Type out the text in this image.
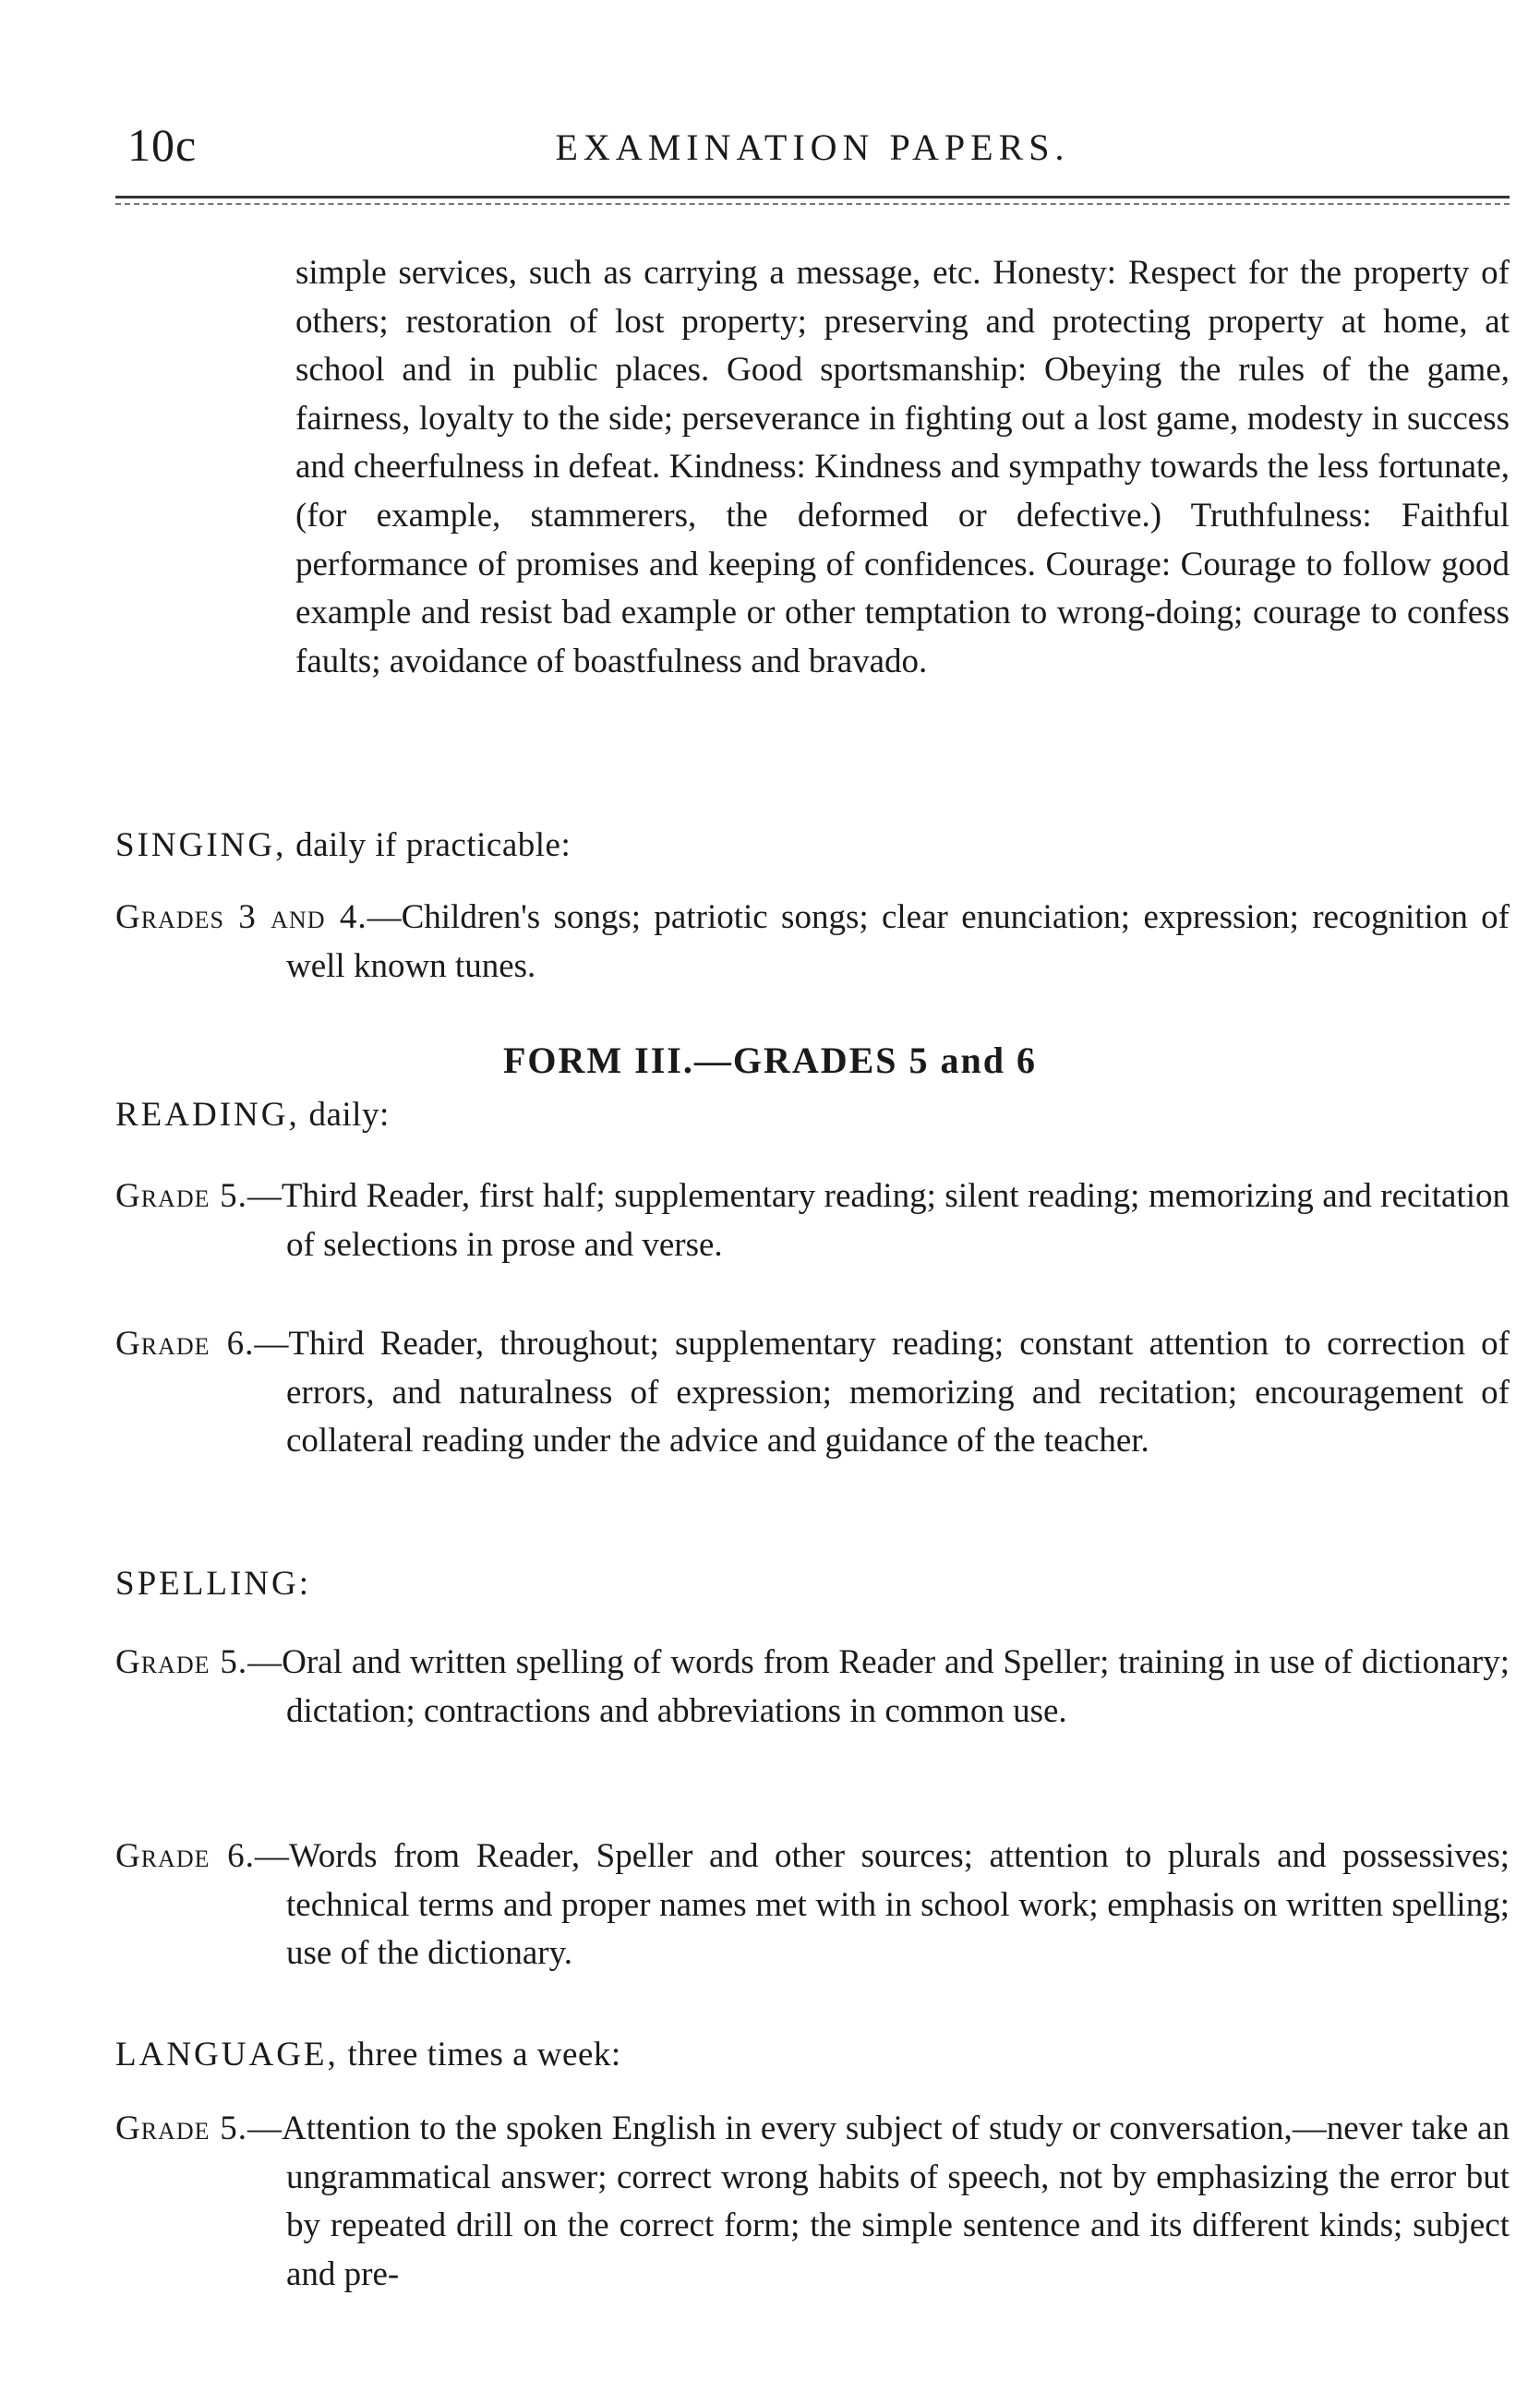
10c	EXAMINATION PAPERS.
simple services, such as carrying a message, etc. Honesty: Respect for the property of others; restoration of lost property; preserving and protecting property at home, at school and in public places. Good sportsmanship: Obeying the rules of the game, fairness, loyalty to the side; perseverance in fighting out a lost game, modesty in success and cheerfulness in defeat. Kindness: Kindness and sympathy towards the less fortunate, (for example, stammerers, the deformed or defective.) Truthfulness: Faithful performance of promises and keeping of confidences. Courage: Courage to follow good example and resist bad example or other temptation to wrong-doing; courage to confess faults; avoidance of boastfulness and bravado.
SINGING, daily if practicable:
Grades 3 and 4.—Children's songs; patriotic songs; clear enunciation; expression; recognition of well known tunes.
FORM III.—GRADES 5 and 6
READING, daily:
Grade 5.—Third Reader, first half; supplementary reading; silent reading; memorizing and recitation of selections in prose and verse.
Grade 6.—Third Reader, throughout; supplementary reading; constant attention to correction of errors, and naturalness of expression; memorizing and recitation; encouragement of collateral reading under the advice and guidance of the teacher.
SPELLING:
Grade 5.—Oral and written spelling of words from Reader and Speller; training in use of dictionary; dictation; contractions and abbreviations in common use.
Grade 6.—Words from Reader, Speller and other sources; attention to plurals and possessives; technical terms and proper names met with in school work; emphasis on written spelling; use of the dictionary.
LANGUAGE, three times a week:
Grade 5.—Attention to the spoken English in every subject of study or conversation,—never take an ungrammatical answer; correct wrong habits of speech, not by emphasizing the error but by repeated drill on the correct form; the simple sentence and its different kinds; subject and pre-
